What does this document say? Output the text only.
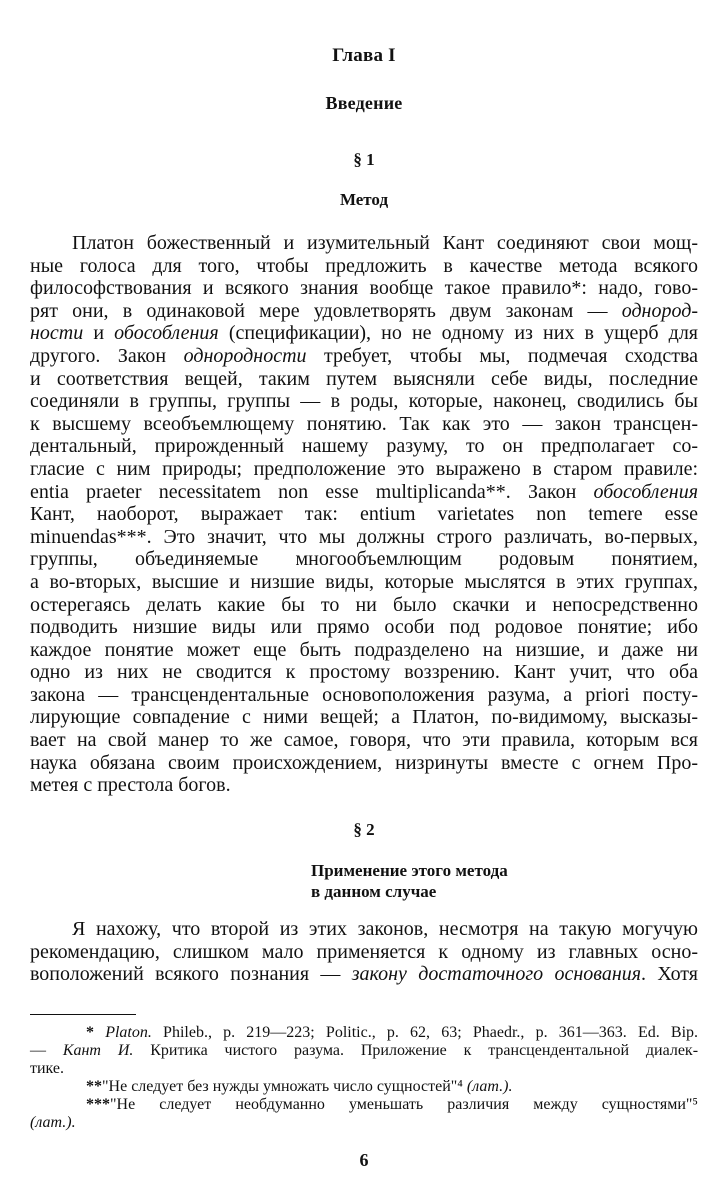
Глава I
Введение
§ 1
Метод
Платон божественный и изумительный Кант соединяют свои мощ-
ные голоса для того, чтобы предложить в качестве метода всякого
философствования и всякого знания вообще такое правило*: надо, гово-
рят они, в одинаковой мере удовлетворять двум законам — однород-
ности и обособления (спецификации), но не одному из них в ущерб для
другого. Закон однородности требует, чтобы мы, подмечая сходства
и соответствия вещей, таким путем выясняли себе виды, последние
соединяли в группы, группы — в роды, которые, наконец, сводились бы
к высшему всеобъемлющему понятию. Так как это — закон трансцен-
дентальный, прирожденный нашему разуму, то он предполагает со-
гласие с ним природы; предположение это выражено в старом правиле:
entia praeter necessitatem non esse multiplicanda**. Закон обособления
Кант, наоборот, выражает так: entium varietates non temere esse
minuendas***. Это значит, что мы должны строго различать, во-первых,
группы, объединяемые многообъемлющим родовым понятием,
а во-вторых, высшие и низшие виды, которые мыслятся в этих группах,
остерегаясь делать какие бы то ни было скачки и непосредственно
подводить низшие виды или прямо особи под родовое понятие; ибо
каждое понятие может еще быть подразделено на низшие, и даже ни
одно из них не сводится к простому воззрению. Кант учит, что оба
закона — трансцендентальные основоположения разума, а priori посту-
лирующие совпадение с ними вещей; а Платон, по-видимому, высказы-
вает на свой манер то же самое, говоря, что эти правила, которым вся
наука обязана своим происхождением, низринуты вместе с огнем Про-
метея с престола богов.
§ 2
Применение этого метода
в данном случае
Я нахожу, что второй из этих законов, несмотря на такую могучую
рекомендацию, слишком мало применяется к одному из главных осно-
воположений всякого познания — закону достаточного основания. Хотя
* Platon. Phileb., p. 219—223; Politic., p. 62, 63; Phaedr., p. 361—363. Ed. Bip.
— Кант И. Критика чистого разума. Приложение к трансцендентальной диалек-
тике.
**"Не следует без нужды умножать число сущностей"⁴ (лат.).
***"Не следует необдуманно уменьшать различия между сущностями"⁵
(лат.).
6
